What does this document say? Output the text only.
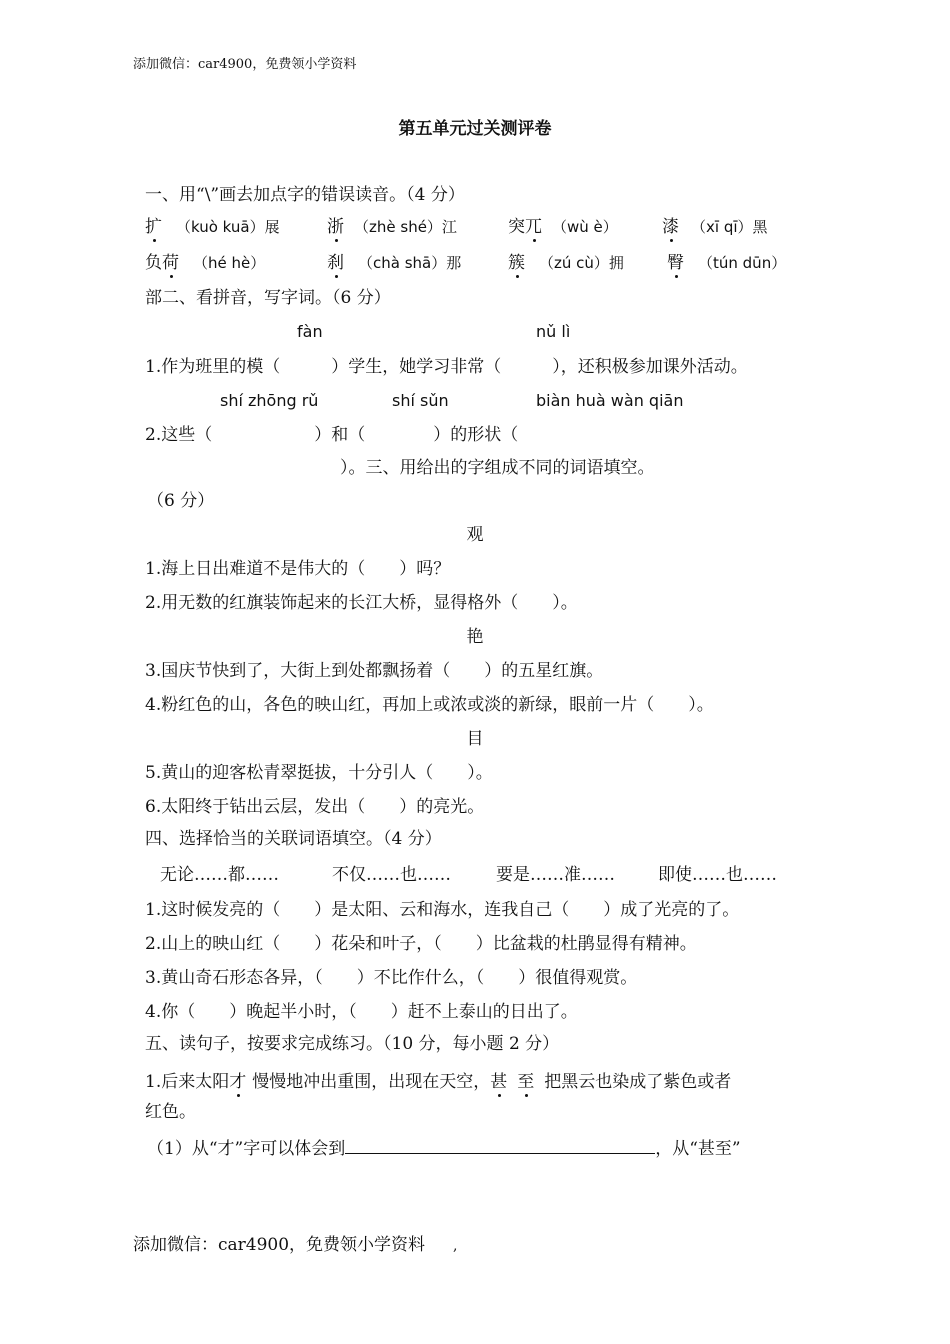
添加微信：car4900，免费领小学资料
第五单元过关测评卷
一、用“\”画去加点字的错误读音。（4 分）
扩 （kuò kuā）展	浙 （zhè shé）江	突兀 （wù è）	漆 （xī qī）黑
负荷 （hé hè）	刹 （chà shā）那	簇 （zú cù）拥	臀 （tún dūn）
部二、看拼音，写字词。（6 分）
fàn	nǔ lì
1.作为班里的模（　　　）学生，她学习非常（　　　），还积极参加课外活动。
shí zhōng rǔ	shí sǔn	biàn huà wàn qiān
2.这些（　　　　　　）和（　　　　）的形状（
）。三、用给出的字组成不同的词语填空。
（6 分）
观
1.海上日出难道不是伟大的（　　）吗？
2.用无数的红旗装饰起来的长江大桥，显得格外（　　）。
艳
3.国庆节快到了，大街上到处都飘扬着（　　）的五星红旗。
4.粉红色的山，各色的映山红，再加上或浓或淡的新绿，眼前一片（　　）。
目
5.黄山的迎客松青翠挺拔，十分引人（　　）。
6.太阳终于钻出云层，发出（　　）的亮光。
四、选择恰当的关联词语填空。（4 分）
无论……都……	不仅……也……	要是……准……	即使……也……
1.这时候发亮的（　　）是太阳、云和海水，连我自己（　　）成了光亮的了。
2.山上的映山红（　　）花朵和叶子，（　　）比盆栽的杜鹃显得有精神。
3.黄山奇石形态各异，（　　）不比作什么，（　　）很值得观赏。
4.你（　　）晚起半小时，（　　）赶不上泰山的日出了。
五、读句子，按要求完成练习。（10 分，每小题 2 分）
1.后来太阳才 慢慢地冲出重围，出现在天空，甚 至 把黑云也染成了紫色或者
红色。
（1）从“才”字可以体会到	，从“甚至”
添加微信：car4900，免费领小学资料 ,
